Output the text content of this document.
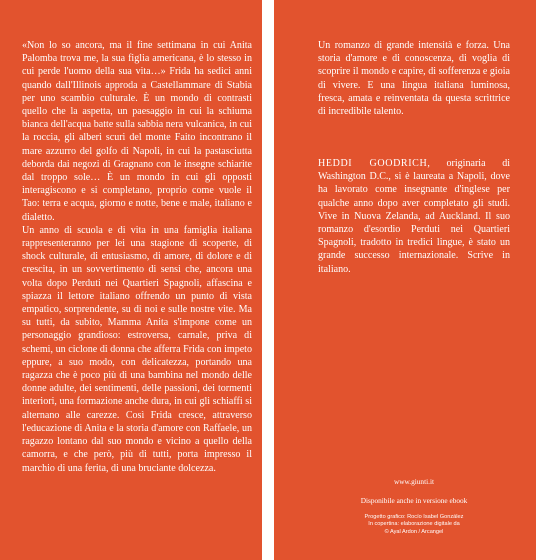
«Non lo so ancora, ma il fine settimana in cui Anita Palomba trova me, la sua figlia americana, è lo stesso in cui perde l'uomo della sua vita…» Frida ha sedici anni quando dall'Illinois approda a Castellammare di Stabia per uno scambio culturale. È un mondo di contrasti quello che la aspetta, un paesaggio in cui la schiuma bianca dell'acqua batte sulla sabbia nera vulcanica, in cui la roccia, gli alberi scuri del monte Faito incontrano il mare azzurro del golfo di Napoli, in cui la pastasciutta deborda dai negozi di Gragnano con le insegne schiarite dal troppo sole… È un mondo in cui gli opposti interagiscono e si completano, proprio come vuole il Tao: terra e acqua, giorno e notte, bene e male, italiano e dialetto.

Un anno di scuola e di vita in una famiglia italiana rappresenteranno per lei una stagione di scoperte, di shock culturale, di entusiasmo, di amore, di dolore e di crescita, in un sovvertimento di sensi che, ancora una volta dopo Perduti nei Quartieri Spagnoli, affascina e spiazza il lettore italiano offrendo un punto di vista empatico, sorprendente, su di noi e sulle nostre vite. Ma su tutti, da subito, Mamma Anita s'impone come un personaggio grandioso: estroversa, carnale, priva di schemi, un ciclone di donna che afferra Frida con impeto eppure, a suo modo, con delicatezza, portando una ragazza che è poco più di una bambina nel mondo delle donne adulte, dei sentimenti, delle passioni, dei tormenti interiori, una formazione anche dura, in cui gli schiaffi si alternano alle carezze. Così Frida cresce, attraverso l'educazione di Anita e la storia d'amore con Raffaele, un ragazzo lontano dal suo mondo e vicino a quello della camorra, e che però, più di tutti, porta impresso il marchio di una ferita, di una bruciante dolcezza.

Un romanzo di grande intensità e forza. Una storia d'amore e di conoscenza, di voglia di scoprire il mondo e capire, di sofferenza e gioia di vivere. E una lingua italiana luminosa, fresca, amata e reinventata da questa scrittrice di incredibile talento.

HEDDI GOODRICH, originaria di Washington D.C., si è laureata a Napoli, dove ha lavorato come insegnante d'inglese per qualche anno dopo aver completato gli studi. Vive in Nuova Zelanda, ad Auckland. Il suo romanzo d'esordio Perduti nei Quartieri Spagnoli, tradotto in tredici lingue, è stato un grande successo internazionale. Scrive in italiano.

www.giunti.it

Disponibile anche in versione ebook

Progetto grafico: Rocío Isabel González

In copertina: elaborazione digitale da

© Ayal Ardon / Arcangel
